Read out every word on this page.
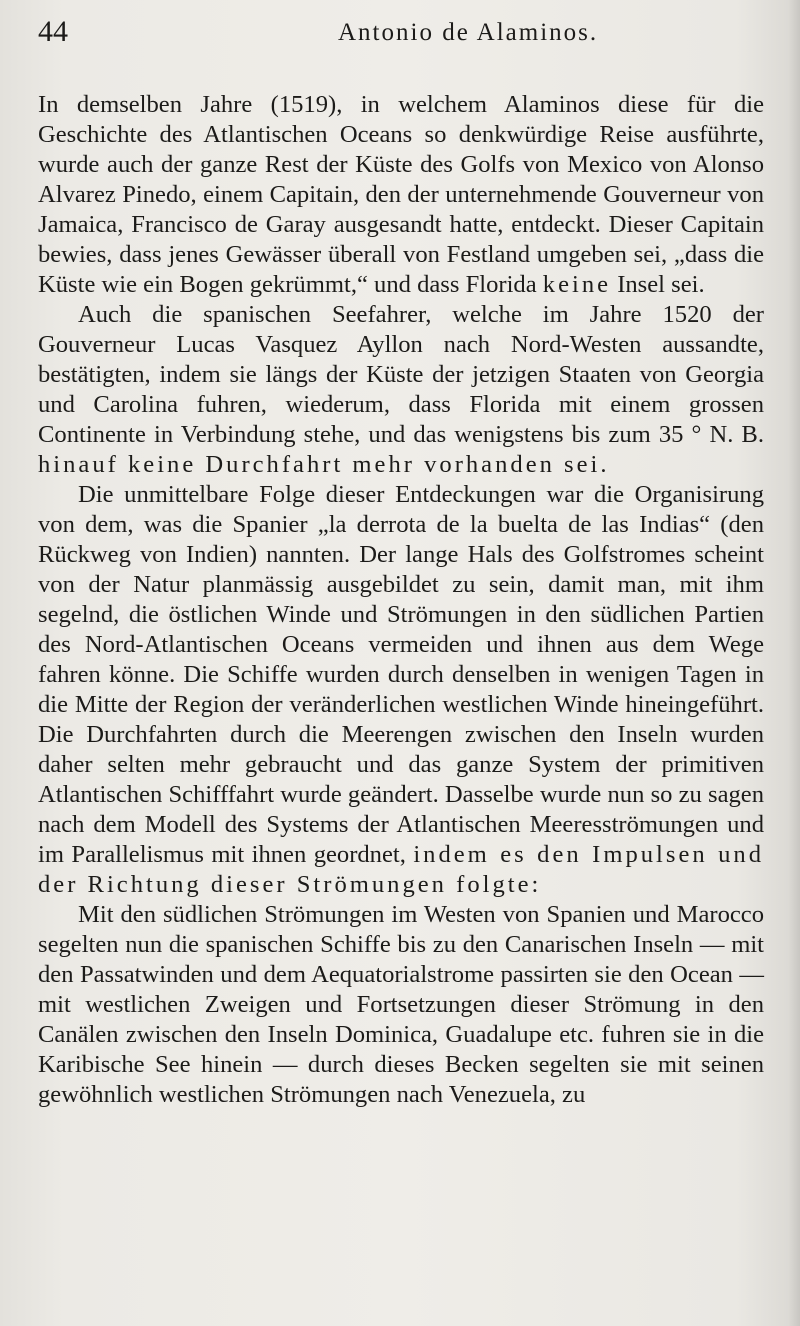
44	Antonio de Alaminos.

In demselben Jahre (1519), in welchem Alaminos diese für die Geschichte des Atlantischen Oceans so denkwürdige Reise ausführte, wurde auch der ganze Rest der Küste des Golfs von Mexico von Alonso Alvarez Pinedo, einem Capitain, den der unternehmende Gouverneur von Jamaica, Francisco de Garay ausgesandt hatte, entdeckt. Dieser Capitain bewies, dass jenes Gewässer überall von Festland umgeben sei, „dass die Küste wie ein Bogen gekrümmt,“ und dass Florida keine Insel sei.

Auch die spanischen Seefahrer, welche im Jahre 1520 der Gouverneur Lucas Vasquez Ayllon nach Nord-Westen aussandte, bestätigten, indem sie längs der Küste der jetzigen Staaten von Georgia und Carolina fuhren, wiederum, dass Florida mit einem grossen Continente in Verbindung stehe, und das wenigstens bis zum 35 ° N. B. hinauf keine Durchfahrt mehr vorhanden sei.

Die unmittelbare Folge dieser Entdeckungen war die Organisirung von dem, was die Spanier „la derrota de la buelta de las Indias“ (den Rückweg von Indien) nannten. Der lange Hals des Golfstromes scheint von der Natur planmässig ausgebildet zu sein, damit man, mit ihm segelnd, die östlichen Winde und Strömungen in den südlichen Partien des Nord-Atlantischen Oceans vermeiden und ihnen aus dem Wege fahren könne. Die Schiffe wurden durch denselben in wenigen Tagen in die Mitte der Region der veränderlichen westlichen Winde hineingeführt. Die Durchfahrten durch die Meerengen zwischen den Inseln wurden daher selten mehr gebraucht und das ganze System der primitiven Atlantischen Schifffahrt wurde geändert. Dasselbe wurde nun so zu sagen nach dem Modell des Systems der Atlantischen Meeresströmungen und im Parallelismus mit ihnen geordnet, indem es den Impulsen und der Richtung dieser Strömungen folgte:

Mit den südlichen Strömungen im Westen von Spanien und Marocco segelten nun die spanischen Schiffe bis zu den Canarischen Inseln — mit den Passatwinden und dem Aequatorialstrome passirten sie den Ocean — mit westlichen Zweigen und Fortsetzungen dieser Strömung in den Canälen zwischen den Inseln Dominica, Guadalupe etc. fuhren sie in die Karibische See hinein — durch dieses Becken segelten sie mit seinen gewöhnlich westlichen Strömungen nach Venezuela, zu
